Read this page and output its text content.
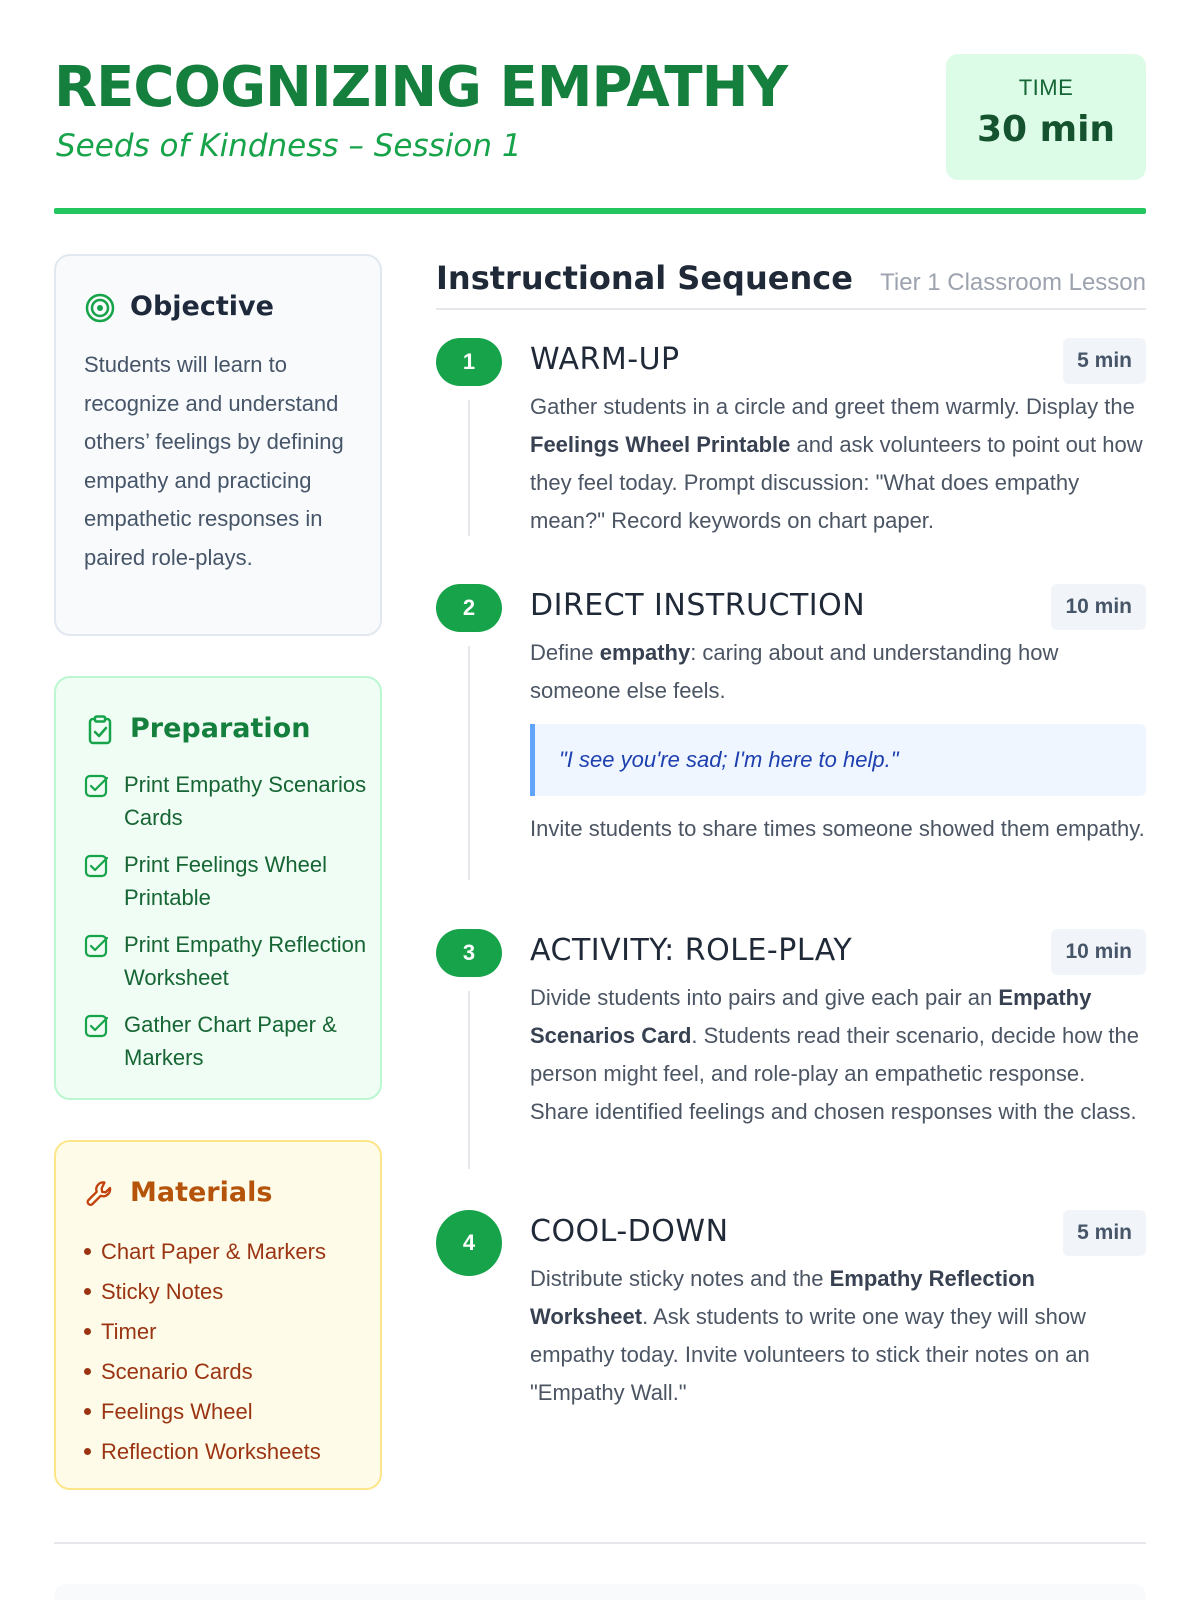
RECOGNIZING EMPATHY
Seeds of Kindness – Session 1
TIME
30 min
Objective
Students will learn to recognize and understand others’ feelings by defining empathy and practicing empathetic responses in paired role-plays.
Preparation
Print Empathy Scenarios Cards
Print Feelings Wheel Printable
Print Empathy Reflection Worksheet
Gather Chart Paper & Markers
Materials
Chart Paper & Markers
Sticky Notes
Timer
Scenario Cards
Feelings Wheel
Reflection Worksheets
Instructional Sequence Tier 1 Classroom Lesson
1	WARM-UP	5 min
Gather students in a circle and greet them warmly. Display the Feelings Wheel Printable and ask volunteers to point out how they feel today. Prompt discussion: "What does empathy mean?" Record keywords on chart paper.
2	DIRECT INSTRUCTION	10 min
Define empathy: caring about and understanding how someone else feels.
"I see you're sad; I'm here to help."
Invite students to share times someone showed them empathy.
3	ACTIVITY: ROLE-PLAY	10 min
Divide students into pairs and give each pair an Empathy Scenarios Card. Students read their scenario, decide how the person might feel, and role-play an empathetic response. Share identified feelings and chosen responses with the class.
4	COOL-DOWN	5 min
Distribute sticky notes and the Empathy Reflection Worksheet. Ask students to write one way they will show empathy today. Invite volunteers to stick their notes on an "Empathy Wall."
